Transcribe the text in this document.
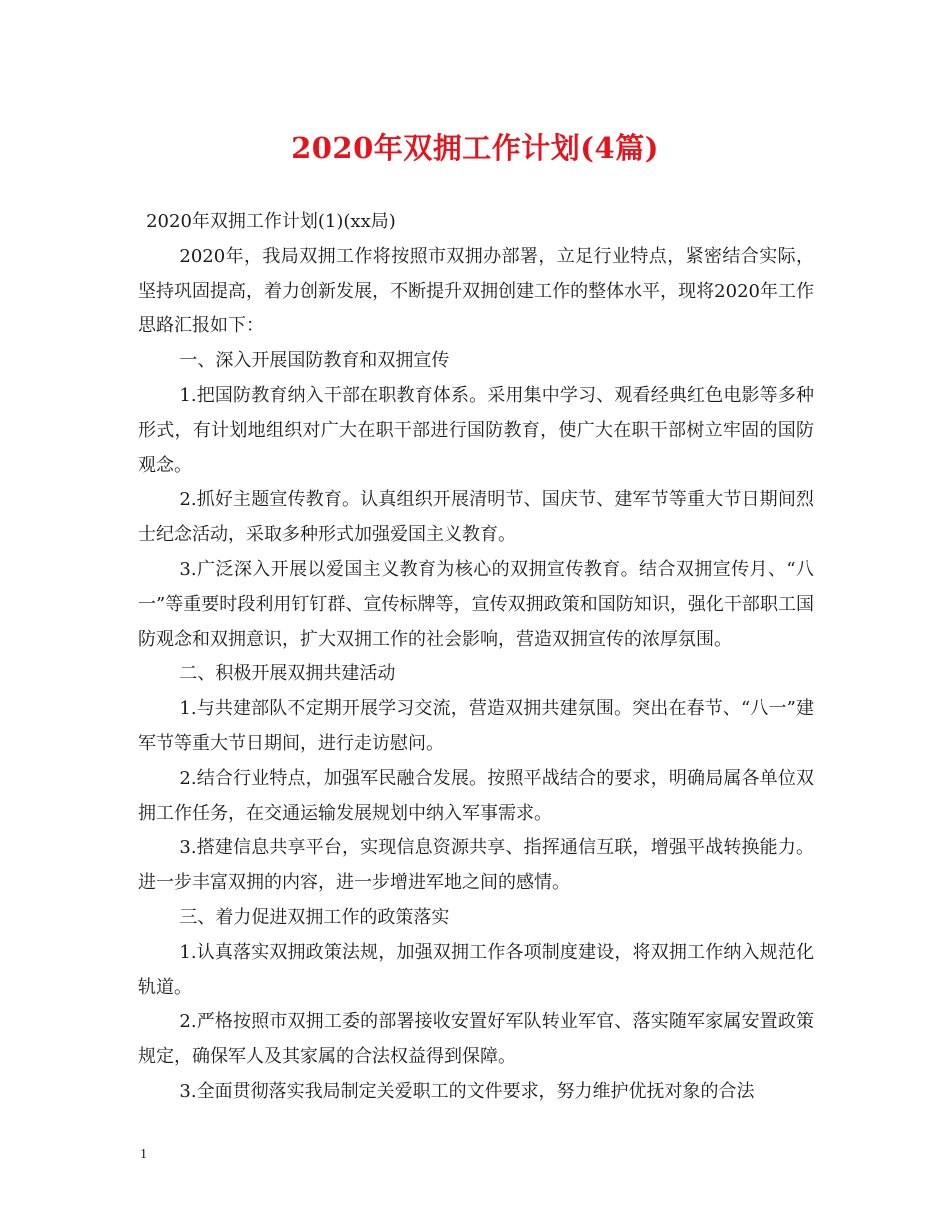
2020年双拥工作计划(4篇)

2020年双拥工作计划(1)(xx局)

2020年，我局双拥工作将按照市双拥办部署，立足行业特点，紧密结合实际，坚持巩固提高，着力创新发展，不断提升双拥创建工作的整体水平，现将2020年工作思路汇报如下：

一、深入开展国防教育和双拥宣传

1.把国防教育纳入干部在职教育体系。采用集中学习、观看经典红色电影等多种形式，有计划地组织对广大在职干部进行国防教育，使广大在职干部树立牢固的国防观念。

2.抓好主题宣传教育。认真组织开展清明节、国庆节、建军节等重大节日期间烈士纪念活动，采取多种形式加强爱国主义教育。

3.广泛深入开展以爱国主义教育为核心的双拥宣传教育。结合双拥宣传月、“八一”等重要时段利用钉钉群、宣传标牌等，宣传双拥政策和国防知识，强化干部职工国防观念和双拥意识，扩大双拥工作的社会影响，营造双拥宣传的浓厚氛围。

二、积极开展双拥共建活动

1.与共建部队不定期开展学习交流，营造双拥共建氛围。突出在春节、“八一”建军节等重大节日期间，进行走访慰问。

2.结合行业特点，加强军民融合发展。按照平战结合的要求，明确局属各单位双拥工作任务，在交通运输发展规划中纳入军事需求。

3.搭建信息共享平台，实现信息资源共享、指挥通信互联，增强平战转换能力。进一步丰富双拥的内容，进一步增进军地之间的感情。

三、着力促进双拥工作的政策落实

1.认真落实双拥政策法规，加强双拥工作各项制度建设，将双拥工作纳入规范化轨道。

2.严格按照市双拥工委的部署接收安置好军队转业军官、落实随军家属安置政策规定，确保军人及其家属的合法权益得到保障。

3.全面贯彻落实我局制定关爱职工的文件要求，努力维护优抚对象的合法

1
